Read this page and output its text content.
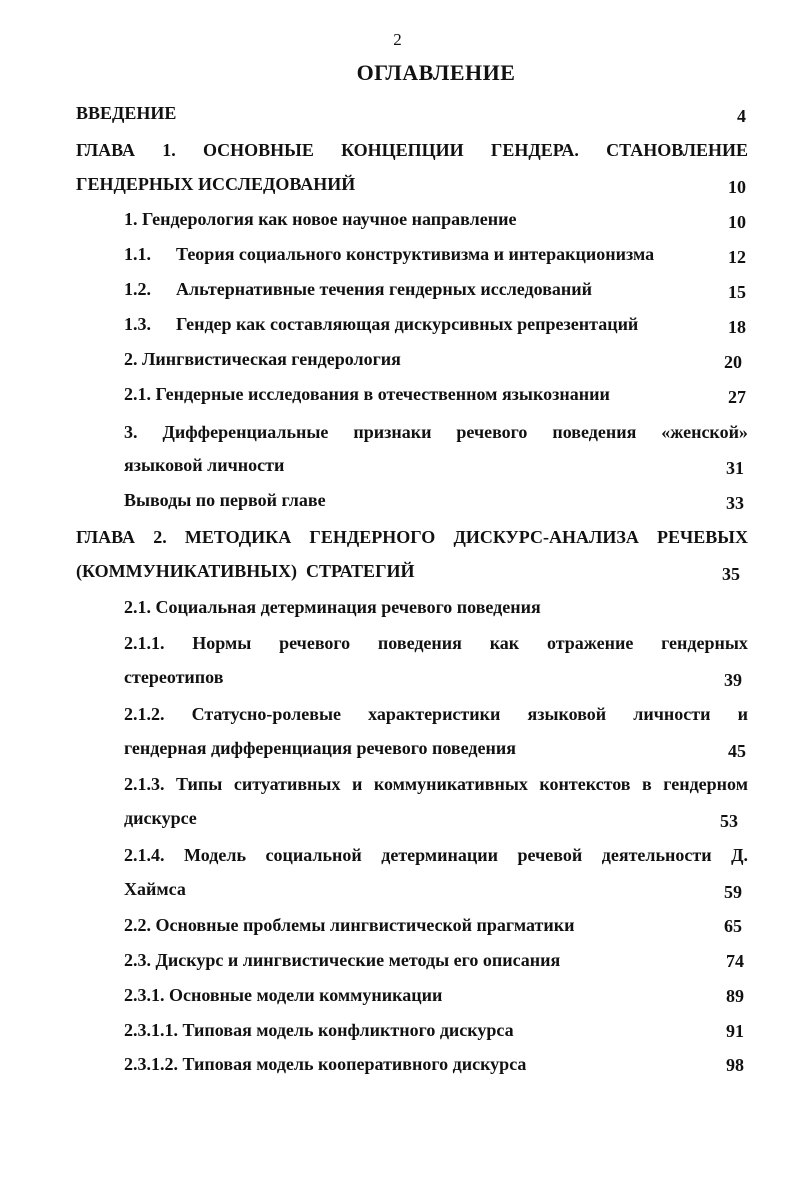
2
ОГЛАВЛЕНИЕ
ВВЕДЕНИЕ	4
ГЛАВА 1. ОСНОВНЫЕ КОНЦЕПЦИИ ГЕНДЕРА. СТАНОВЛЕНИЕ
ГЕНДЕРНЫХ ИССЛЕДОВАНИЙ	10
1. Гендерология как новое научное направление	10
1.1. Теория социального конструктивизма и интеракционизма	12
1.2. Альтернативные течения гендерных исследований	15
1.3. Гендер как составляющая дискурсивных репрезентаций	18
2. Лингвистическая гендерология	20
2.1. Гендерные исследования в отечественном языкознании	27
3. Дифференциальные признаки речевого поведения «женской»
языковой личности	31
Выводы по первой главе	33
ГЛАВА 2. МЕТОДИКА ГЕНДЕРНОГО ДИСКУРС-АНАЛИЗА РЕЧЕВЫХ
(КОММУНИКАТИВНЫХ)  СТРАТЕГИЙ	35
2.1. Социальная детерминация речевого поведения
2.1.1. Нормы речевого поведения как отражение гендерных
стереотипов	39
2.1.2. Статусно-ролевые характеристики языковой личности и
гендерная дифференциация речевого поведения	45
2.1.3. Типы ситуативных и коммуникативных контекстов в гендерном
дискурсе	53
2.1.4. Модель социальной детерминации речевой деятельности Д.
Хаймса	59
2.2. Основные проблемы лингвистической прагматики	65
2.3. Дискурс и лингвистические методы его описания	74
2.3.1. Основные модели коммуникации	89
2.3.1.1. Типовая модель конфликтного дискурса	91
2.3.1.2. Типовая модель кооперативного дискурса	98
